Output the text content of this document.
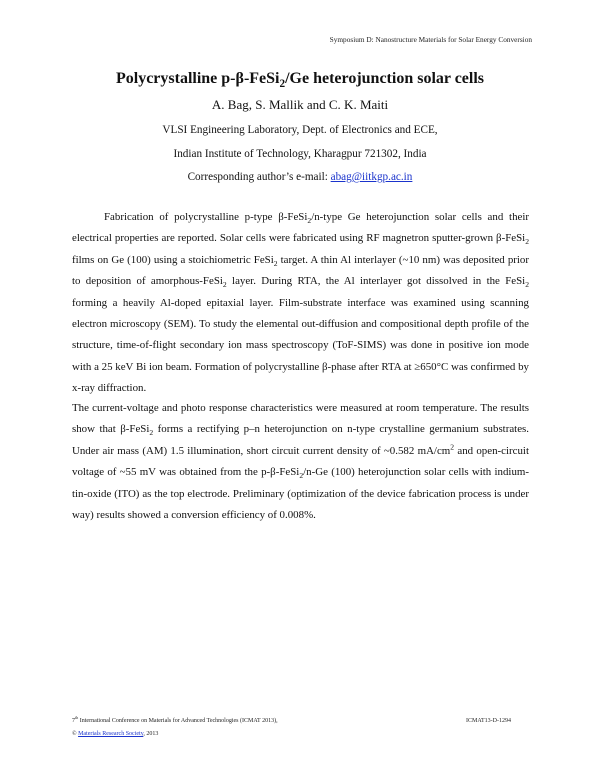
Symposium D: Nanostructure Materials for Solar Energy Conversion
Polycrystalline p-β-FeSi$_2$/Ge heterojunction solar cells
A. Bag, S. Mallik and C. K. Maiti
VLSI Engineering Laboratory, Dept. of Electronics and ECE,
Indian Institute of Technology, Kharagpur 721302, India
Corresponding author’s e-mail: abag@iitkgp.ac.in

Fabrication of polycrystalline p-type β-FeSi$_2$/n-type Ge heterojunction solar cells and their electrical properties are reported. Solar cells were fabricated using RF magnetron sputter-grown β-FeSi$_2$ films on Ge (100) using a stoichiometric FeSi$_2$ target. A thin Al interlayer (~10 nm) was deposited prior to deposition of amorphous-FeSi$_2$ layer. During RTA, the Al interlayer got dissolved in the FeSi$_2$ forming a heavily Al-doped epitaxial layer. Film-substrate interface was examined using scanning electron microscopy (SEM). To study the elemental out-diffusion and compositional depth profile of the structure, time-of-flight secondary ion mass spectroscopy (ToF-SIMS) was done in positive ion mode with a 25 keV Bi ion beam. Formation of polycrystalline β-phase after RTA at ≥650°C was confirmed by x-ray diffraction.

The current-voltage and photo response characteristics were measured at room temperature. The results show that β-FeSi$_2$ forms a rectifying p–n heterojunction on n-type crystalline germanium substrates. Under air mass (AM) 1.5 illumination, short circuit current density of ~0.582 $mA/cm^2$ and open-circuit voltage of ~55 mV was obtained from the p-β-FeSi$_2$/n-Ge (100) heterojunction solar cells with indium-tin-oxide (ITO) as the top electrode. Preliminary (optimization of the device fabrication process is under way) results showed a conversion efficiency of 0.008%.

7th International Conference on Materials for Advanced Technologies (ICMAT 2013),
© Materials Research Society, 2013
ICMAT13-D-1294
